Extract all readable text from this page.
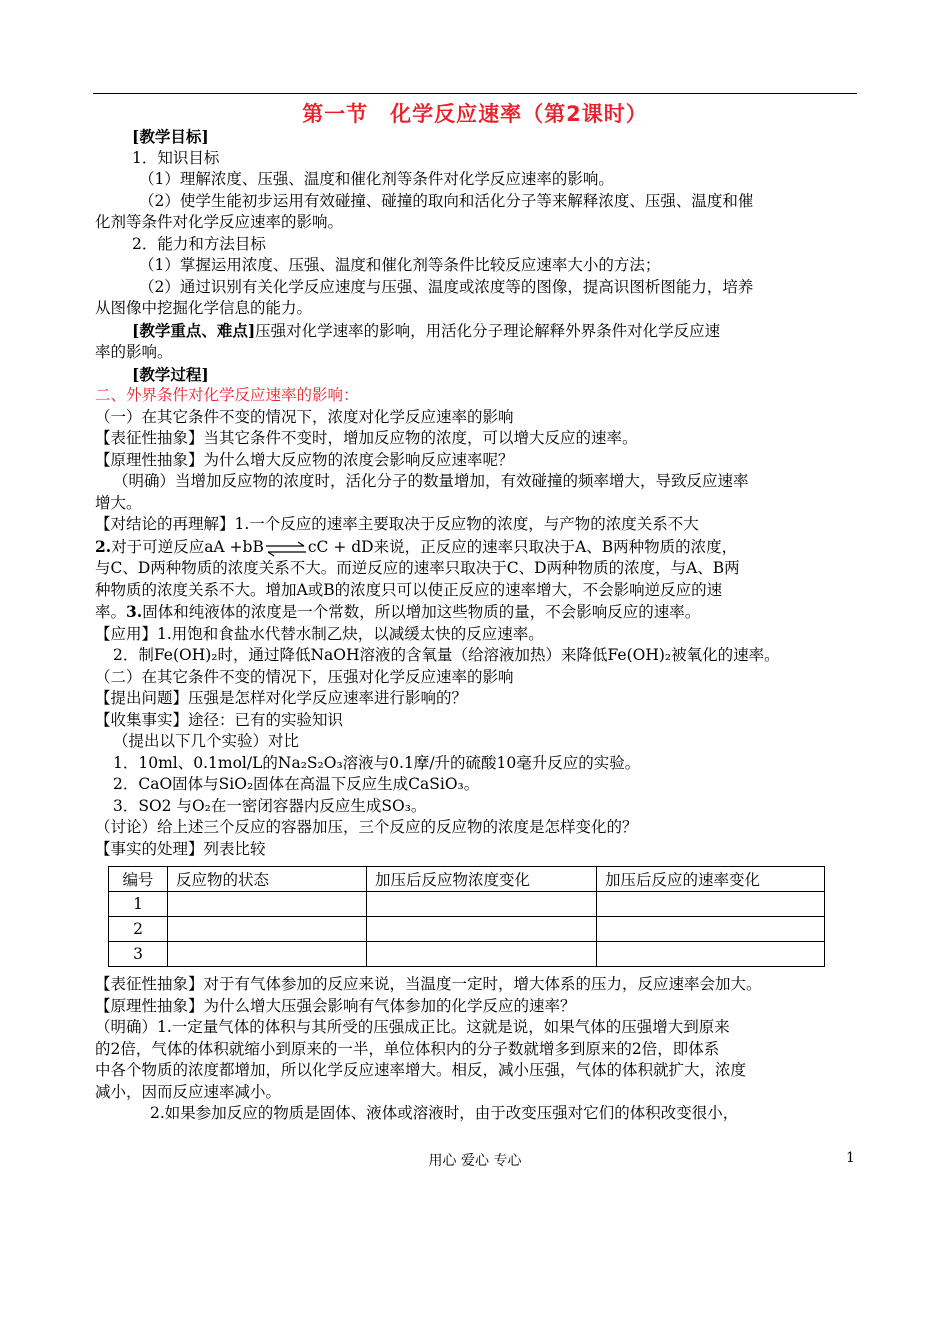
第一节　化学反应速率（第2课时）
[教学目标]
1．知识目标
（1）理解浓度、压强、温度和催化剂等条件对化学反应速率的影响。
（2）使学生能初步运用有效碰撞、碰撞的取向和活化分子等来解释浓度、压强、温度和催
化剂等条件对化学反应速率的影响。
2．能力和方法目标
（1）掌握运用浓度、压强、温度和催化剂等条件比较反应速率大小的方法；
（2）通过识别有关化学反应速度与压强、温度或浓度等的图像，提高识图析图能力，培养
从图像中挖掘化学信息的能力。
[教学重点、难点]压强对化学速率的影响，用活化分子理论解释外界条件对化学反应速
率的影响。
[教学过程]
二、外界条件对化学反应速率的影响：
（一）在其它条件不变的情况下，浓度对化学反应速率的影响
【表征性抽象】当其它条件不变时，增加反应物的浓度，可以增大反应的速率。
【原理性抽象】为什么增大反应物的浓度会影响反应速率呢？
（明确）当增加反应物的浓度时，活化分子的数量增加，有效碰撞的频率增大，导致反应速率
增大。
【对结论的再理解】1.一个反应的速率主要取决于反应物的浓度，与产物的浓度关系不大
2.对于可逆反应aA +bB⇌cC + dD来说，正反应的速率只取决于A、B两种物质的浓度，
与C、D两种物质的浓度关系不大。而逆反应的速率只取决于C、D两种物质的浓度，与A、B两
种物质的浓度关系不大。增加A或B的浓度只可以使正反应的速率增大，不会影响逆反应的速
率。3.固体和纯液体的浓度是一个常数，所以增加这些物质的量，不会影响反应的速率。
【应用】1.用饱和食盐水代替水制乙炔，以减缓太快的反应速率。
2．制Fe(OH)₂时，通过降低NaOH溶液的含氧量（给溶液加热）来降低Fe(OH)₂被氧化的速率。
（二）在其它条件不变的情况下，压强对化学反应速率的影响
【提出问题】压强是怎样对化学反应速率进行影响的？
【收集事实】途径：已有的实验知识
（提出以下几个实验）对比
1．10ml、0.1mol/L的Na₂S₂O₃溶液与0.1摩/升的硫酸10毫升反应的实验。
2．CaO固体与SiO₂固体在高温下反应生成CaSiO₃。
3．SO2 与O₂在一密闭容器内反应生成SO₃。
（讨论）给上述三个反应的容器加压，三个反应的反应物的浓度是怎样变化的？
【事实的处理】列表比较
编号	反应物的状态	加压后反应物浓度变化	加压后反应的速率变化
1			
2			
3			
【表征性抽象】对于有气体参加的反应来说，当温度一定时，增大体系的压力，反应速率会加大。
【原理性抽象】为什么增大压强会影响有气体参加的化学反应的速率？
（明确）1.一定量气体的体积与其所受的压强成正比。这就是说，如果气体的压强增大到原来
的2倍，气体的体积就缩小到原来的一半，单位体积内的分子数就增多到原来的2倍，即体系
中各个物质的浓度都增加，所以化学反应速率增大。相反，减小压强，气体的体积就扩大，浓度
减小，因而反应速率减小。
2.如果参加反应的物质是固体、液体或溶液时，由于改变压强对它们的体积改变很小，
用心 爱心 专心	1
